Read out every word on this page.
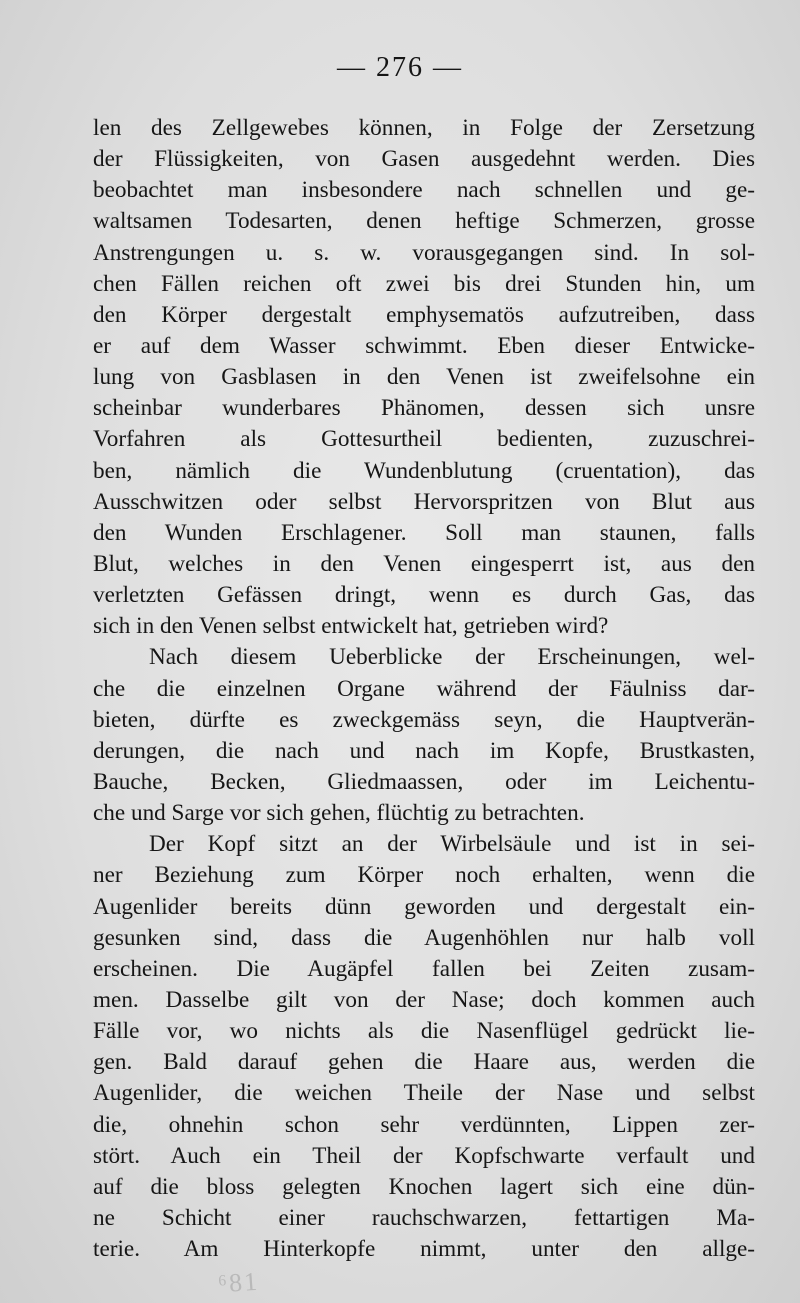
— 276 —
len des Zellgewebes können, in Folge der Zersetzung
der Flüssigkeiten, von Gasen ausgedehnt werden. Dies
beobachtet man insbesondere nach schnellen und ge-
waltsamen Todesarten, denen heftige Schmerzen, grosse
Anstrengungen u. s. w. vorausgegangen sind. In sol-
chen Fällen reichen oft zwei bis drei Stunden hin, um
den Körper dergestalt emphysematös aufzutreiben, dass
er auf dem Wasser schwimmt. Eben dieser Entwicke-
lung von Gasblasen in den Venen ist zweifelsohne ein
scheinbar wunderbares Phänomen, dessen sich unsre
Vorfahren als Gottesurtheil bedienten, zuzuschrei-
ben, nämlich die Wundenblutung (cruentation), das
Ausschwitzen oder selbst Hervorspritzen von Blut aus
den Wunden Erschlagener. Soll man staunen, falls
Blut, welches in den Venen eingesperrt ist, aus den
verletzten Gefässen dringt, wenn es durch Gas, das
sich in den Venen selbst entwickelt hat, getrieben wird?
Nach diesem Ueberblicke der Erscheinungen, wel-
che die einzelnen Organe während der Fäulniss dar-
bieten, dürfte es zweckgemäss seyn, die Hauptverän-
derungen, die nach und nach im Kopfe, Brustkasten,
Bauche, Becken, Gliedmaassen, oder im Leichentu-
che und Sarge vor sich gehen, flüchtig zu betrachten.
Der Kopf sitzt an der Wirbelsäule und ist in sei-
ner Beziehung zum Körper noch erhalten, wenn die
Augenlider bereits dünn geworden und dergestalt ein-
gesunken sind, dass die Augenhöhlen nur halb voll
erscheinen. Die Augäpfel fallen bei Zeiten zusam-
men. Dasselbe gilt von der Nase; doch kommen auch
Fälle vor, wo nichts als die Nasenflügel gedrückt lie-
gen. Bald darauf gehen die Haare aus, werden die
Augenlider, die weichen Theile der Nase und selbst
die, ohnehin schon sehr verdünnten, Lippen zer-
stört. Auch ein Theil der Kopfschwarte verfault und
auf die bloss gelegten Knochen lagert sich eine dün-
ne Schicht einer rauchschwarzen, fettartigen Ma-
terie. Am Hinterkopfe nimmt, unter den allge-
⁶81
